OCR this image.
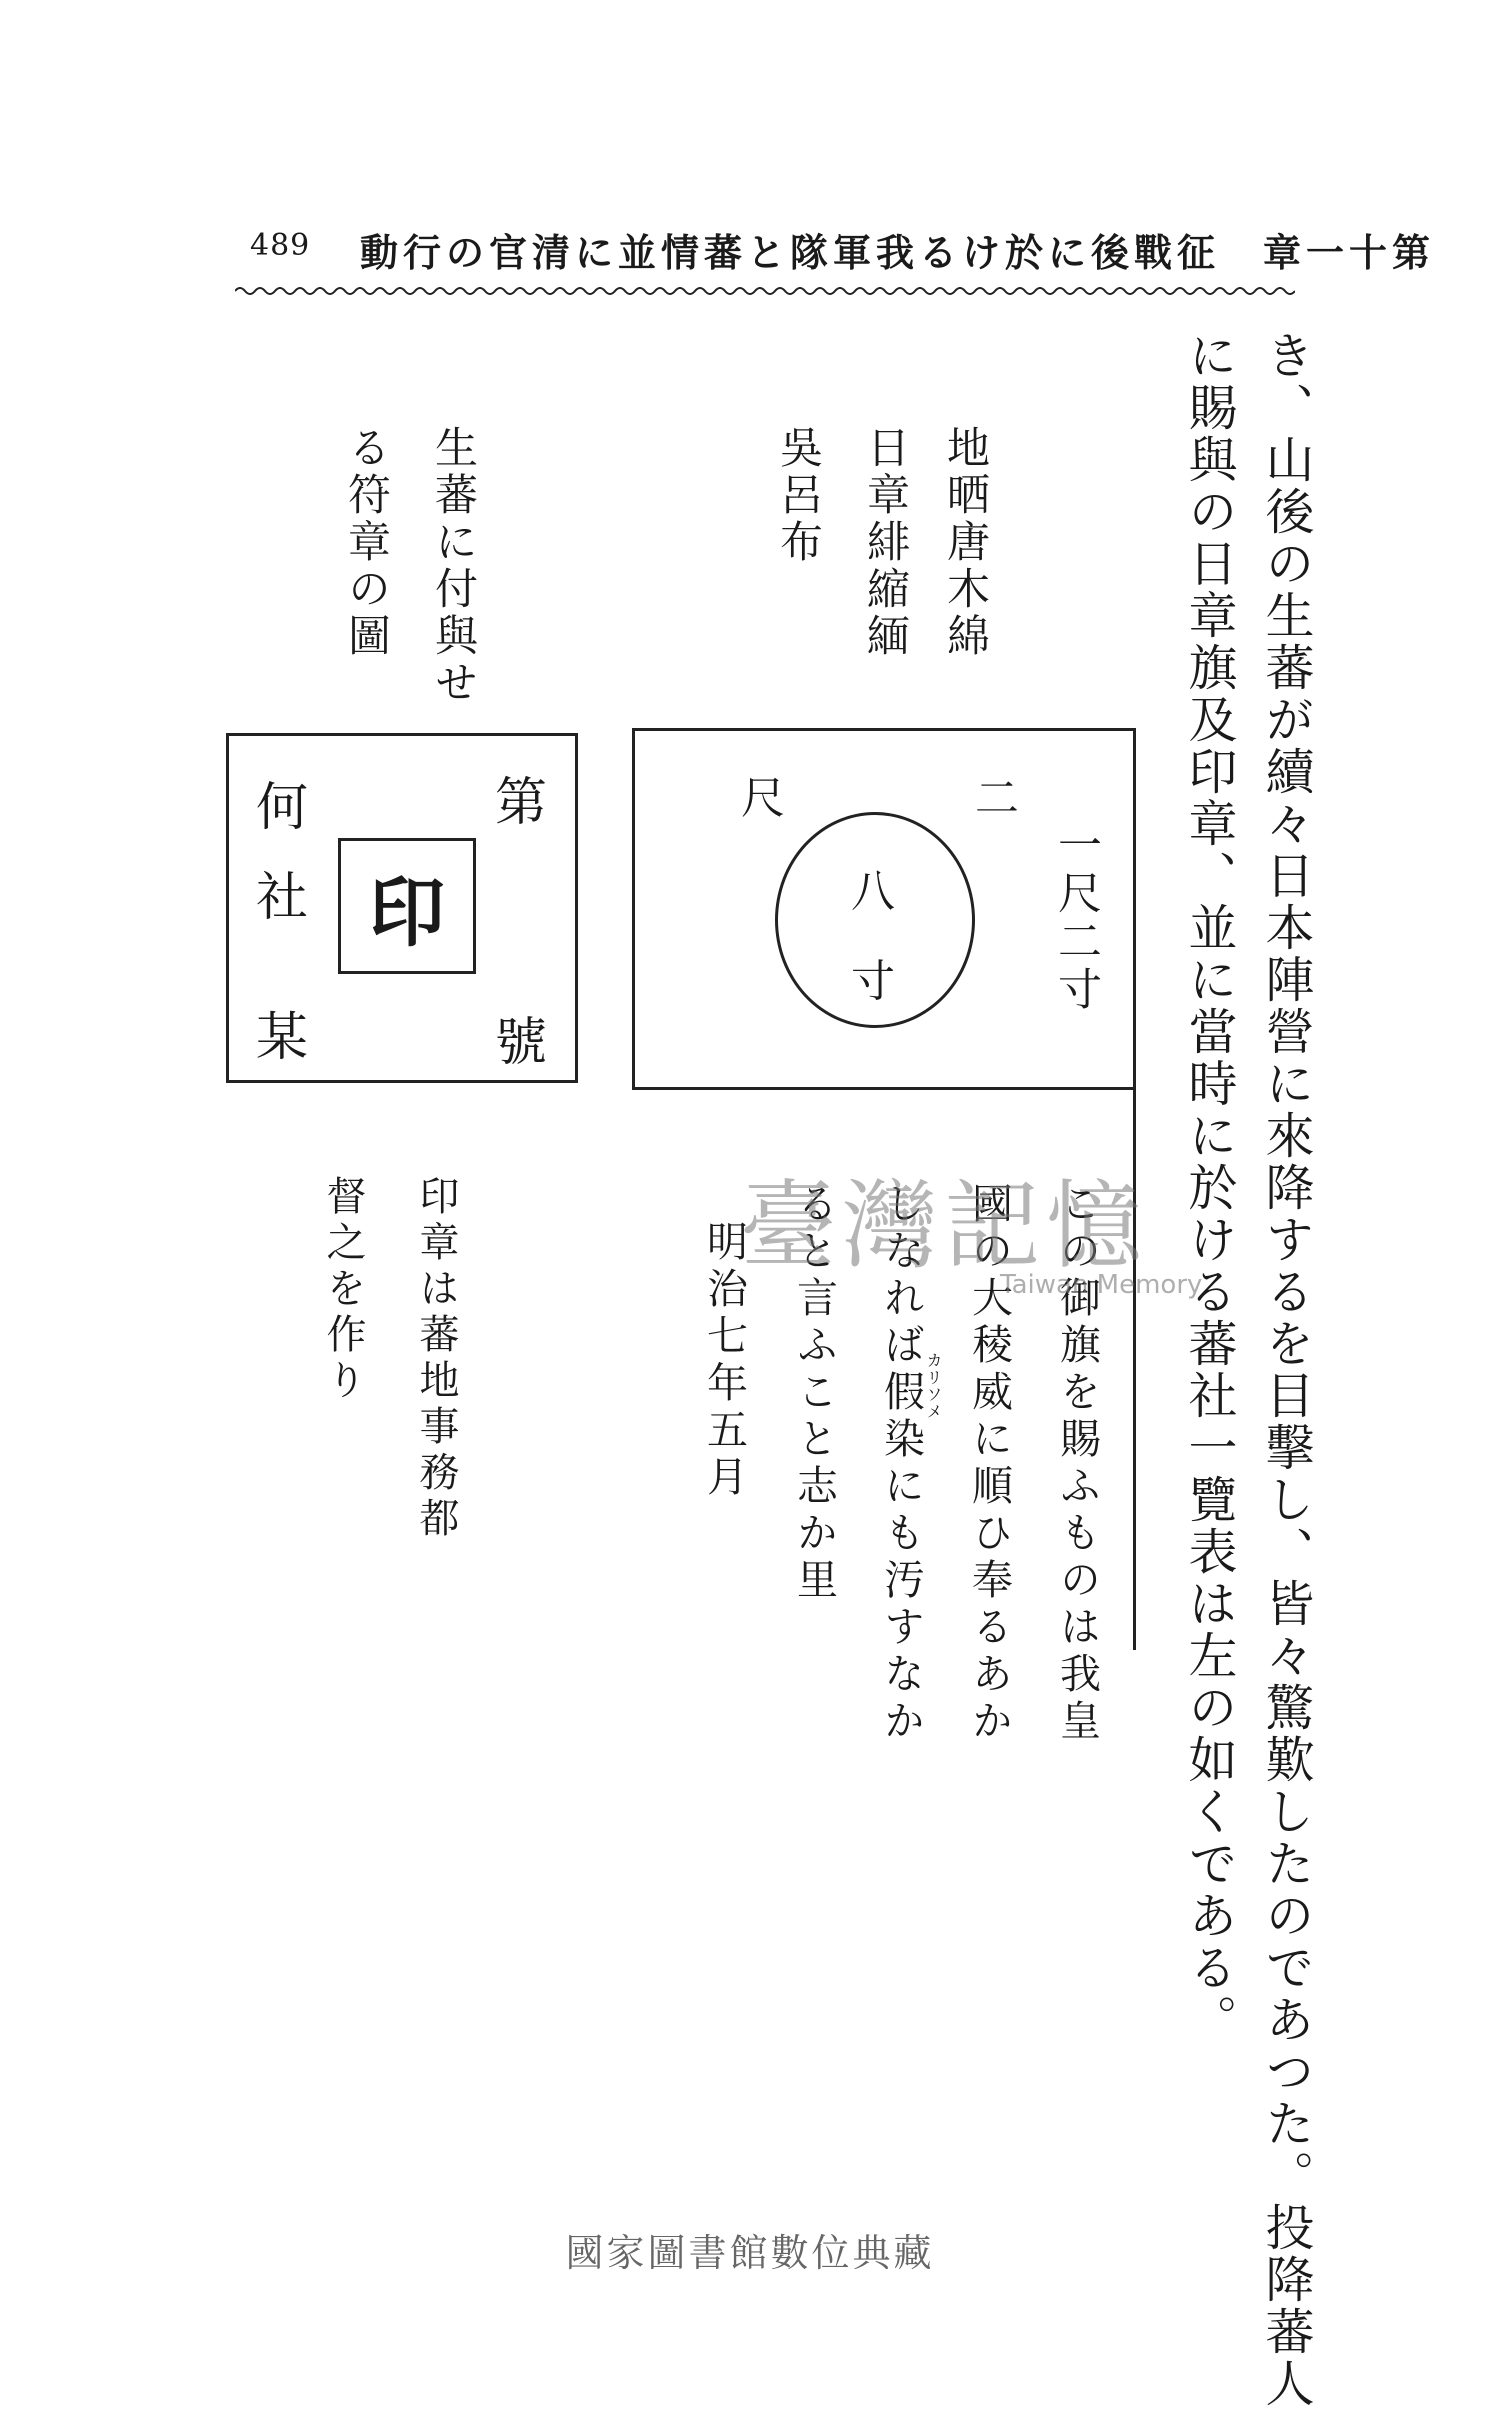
489 第十一章　征戰後に於ける我軍隊と蕃情並に清官の行動
き、山後の生蕃が續々日本陣營に來降するを目擊し、皆々驚歎したのであつた。投降蕃人
に賜與の日章旗及印章、並に當時に於ける蕃社一覽表は左の如くである。
地晒唐木綿
日章緋縮緬
吳呂布
生蕃に付與せ
る符章の圖
一尺二寸
二
尺
八
寸
印
第
號
何
社
某
この御旗を賜ふものは我皇
國の大稜威に順ひ奉るあか
しなれば假染にも汚すなか カリソメ
ると言ふこと志か里
明治七年五月
印章は蕃地事務都
督之を作り	臺灣記憶
Taiwan Memory
國家圖書館數位典藏
